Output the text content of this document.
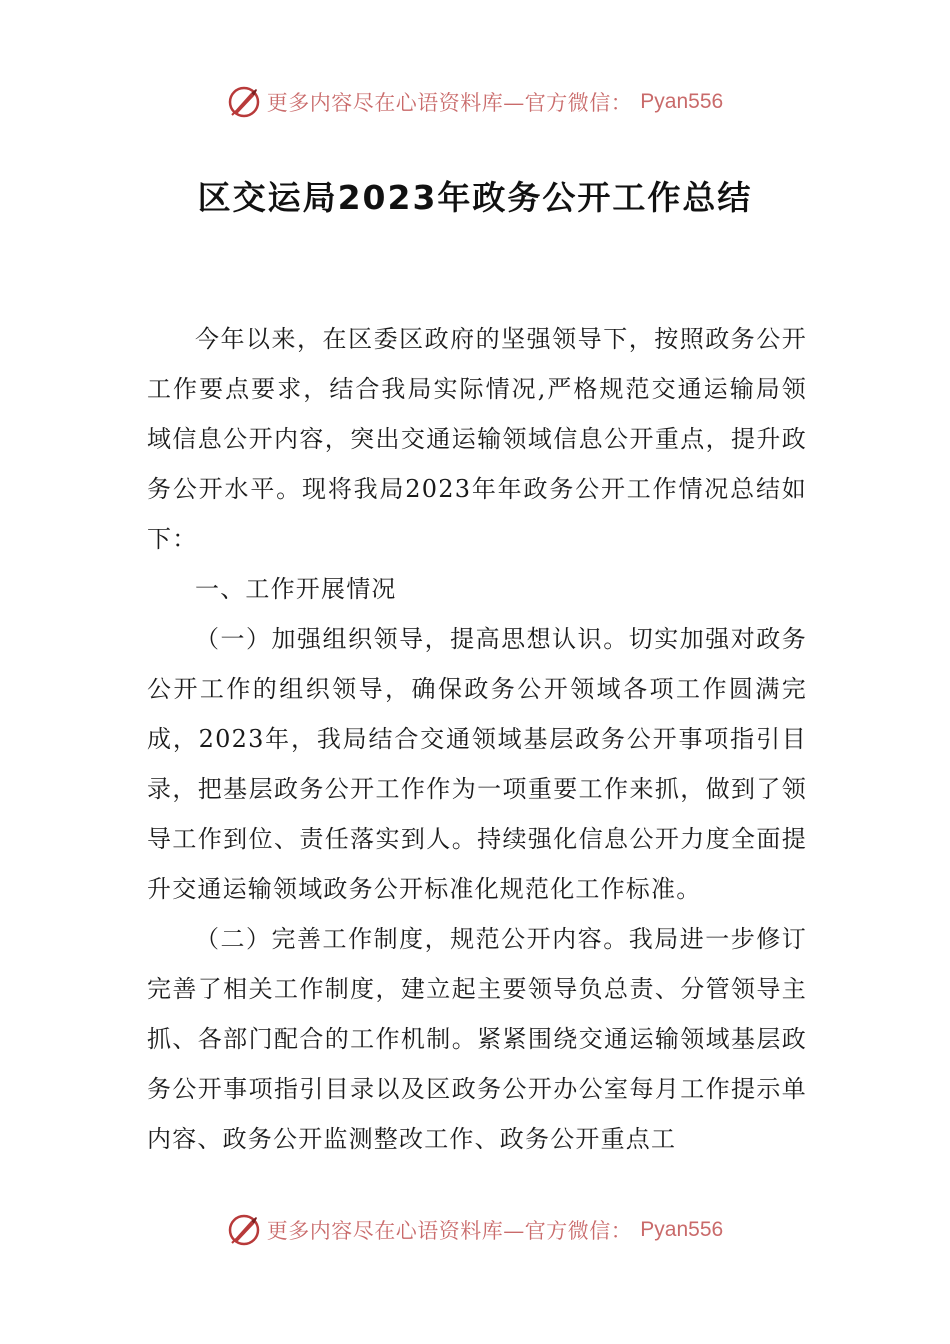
更多内容尽在心语资料库—官方微信： Pyan556
区交运局2023年政务公开工作总结

今年以来，在区委区政府的坚强领导下，按照政务公开工作要点要求，结合我局实际情况,严格规范交通运输局领域信息公开内容，突出交通运输领域信息公开重点，提升政务公开水平。现将我局2023年年政务公开工作情况总结如下：

一、工作开展情况

（一）加强组织领导，提高思想认识。切实加强对政务公开工作的组织领导，确保政务公开领域各项工作圆满完成，2023年，我局结合交通领域基层政务公开事项指引目录，把基层政务公开工作作为一项重要工作来抓，做到了领导工作到位、责任落实到人。持续强化信息公开力度全面提升交通运输领域政务公开标准化规范化工作标准。

（二）完善工作制度，规范公开内容。我局进一步修订完善了相关工作制度，建立起主要领导负总责、分管领导主抓、各部门配合的工作机制。紧紧围绕交通运输领域基层政务公开事项指引目录以及区政务公开办公室每月工作提示单内容、政务公开监测整改工作、政务公开重点工

更多内容尽在心语资料库—官方微信： Pyan556
